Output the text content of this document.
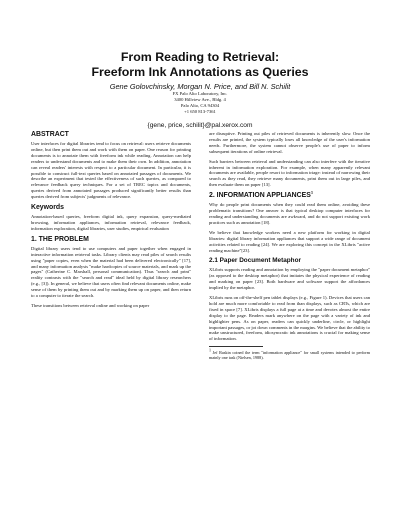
From Reading to Retrieval:
Freeform Ink Annotations as Queries
Gene Golovchinsky, Morgan N. Price, and Bill N. Schilit
FX Palo Alto Laboratory, Inc.
3400 Hillview Ave., Bldg. 4
Palo Alto, CA 94304
+1 650 813-7361
{gene, price, schilit}@pal.xerox.com
ABSTRACT

User interfaces for digital libraries tend to focus on retrieval: users retrieve documents online, but then print them out and work with them on paper. One reason for printing documents is to annotate them with freeform ink while reading. Annotation can help readers to understand documents and to make them their own. In addition, annotation can reveal readers' interests with respect to a particular document. In particular, it is possible to construct full-text queries based on annotated passages of documents. We describe an experiment that tested the effectiveness of such queries, as compared to relevance feedback query techniques. For a set of TREC topics and documents, queries derived from annotated passages produced significantly better results than queries derived from subjects' judgments of relevance.

Keywords

Annotation-based queries, freeform digital ink, query expansion, query-mediated browsing, information appliances, information retrieval, relevance feedback, information exploration, digital libraries, user studies, empirical evaluation

1. THE PROBLEM

Digital library users tend to use computers and paper together when engaged in interactive information retrieval tasks. Library clients may read piles of search results using "paper copies, even when the material had been delivered electronically" [17], and many information analysts "make hardcopies of source materials, and mark up the pages" (Catherine C. Marshall, personal communication). Thus "search and print" reality contrasts with the "search and read" ideal held by digital library researchers (e.g., [3]). In general, we believe that users often find relevant documents online, make sense of them by printing them out and by marking them up on paper, and then return to a computer to iterate the search.

These transitions between retrieval online and working on paper

are disruptive. Printing out piles of retrieved documents is inherently slow. Once the results are printed, the system typically loses all knowledge of the user's information needs. Furthermore, the system cannot observe people's use of paper to inform subsequent iterations of online retrieval.

Such barriers between retrieval and understanding can also interfere with the iterative inherent in information exploration. For example, when many apparently relevant documents are available, people resort to information triage: instead of narrowing their search as they read, they retrieve many documents, print them out in large piles, and then evaluate them on paper [13].

2. INFORMATION APPLIANCES$^1$

Why do people print documents when they could read them online, avoiding these problematic transitions? One answer is that typical desktop computer interfaces for reading and understanding documents are awkward, and do not support existing work practices such as annotation [18].

We believe that knowledge workers need a new platform for working in digital libraries: digital library information appliances that support a wide range of document activities related to reading [24]. We are exploring this concept in the XLibris "active reading machine"[23].

2.1 Paper Document Metaphor

XLibris supports reading and annotation by employing the "paper document metaphor" (as opposed to the desktop metaphor) that imitates the physical experience of reading and marking on paper [23]. Both hardware and software support the affordances implied by the metaphor.

XLibris runs on off-the-shelf pen tablet displays (e.g., Figure 1). Devices that users can hold are much more comfortable to read from than displays, such as CRTs, which are fixed in space [7]. XLibris displays a full page at a time and devotes almost the entire display to the page. Readers mark anywhere on the page with a variety of ink and highlighter pens. As on paper, readers can quickly underline, circle, or highlight important passages, or jot down comments in the margins. We believe that the ability to make unstructured, freeform, idiosyncratic ink annotations is crucial for making sense of information.

1 Jef Raskin coined the term "information appliance" for small systems intended to perform mainly one task (Nielsen, 1988).
